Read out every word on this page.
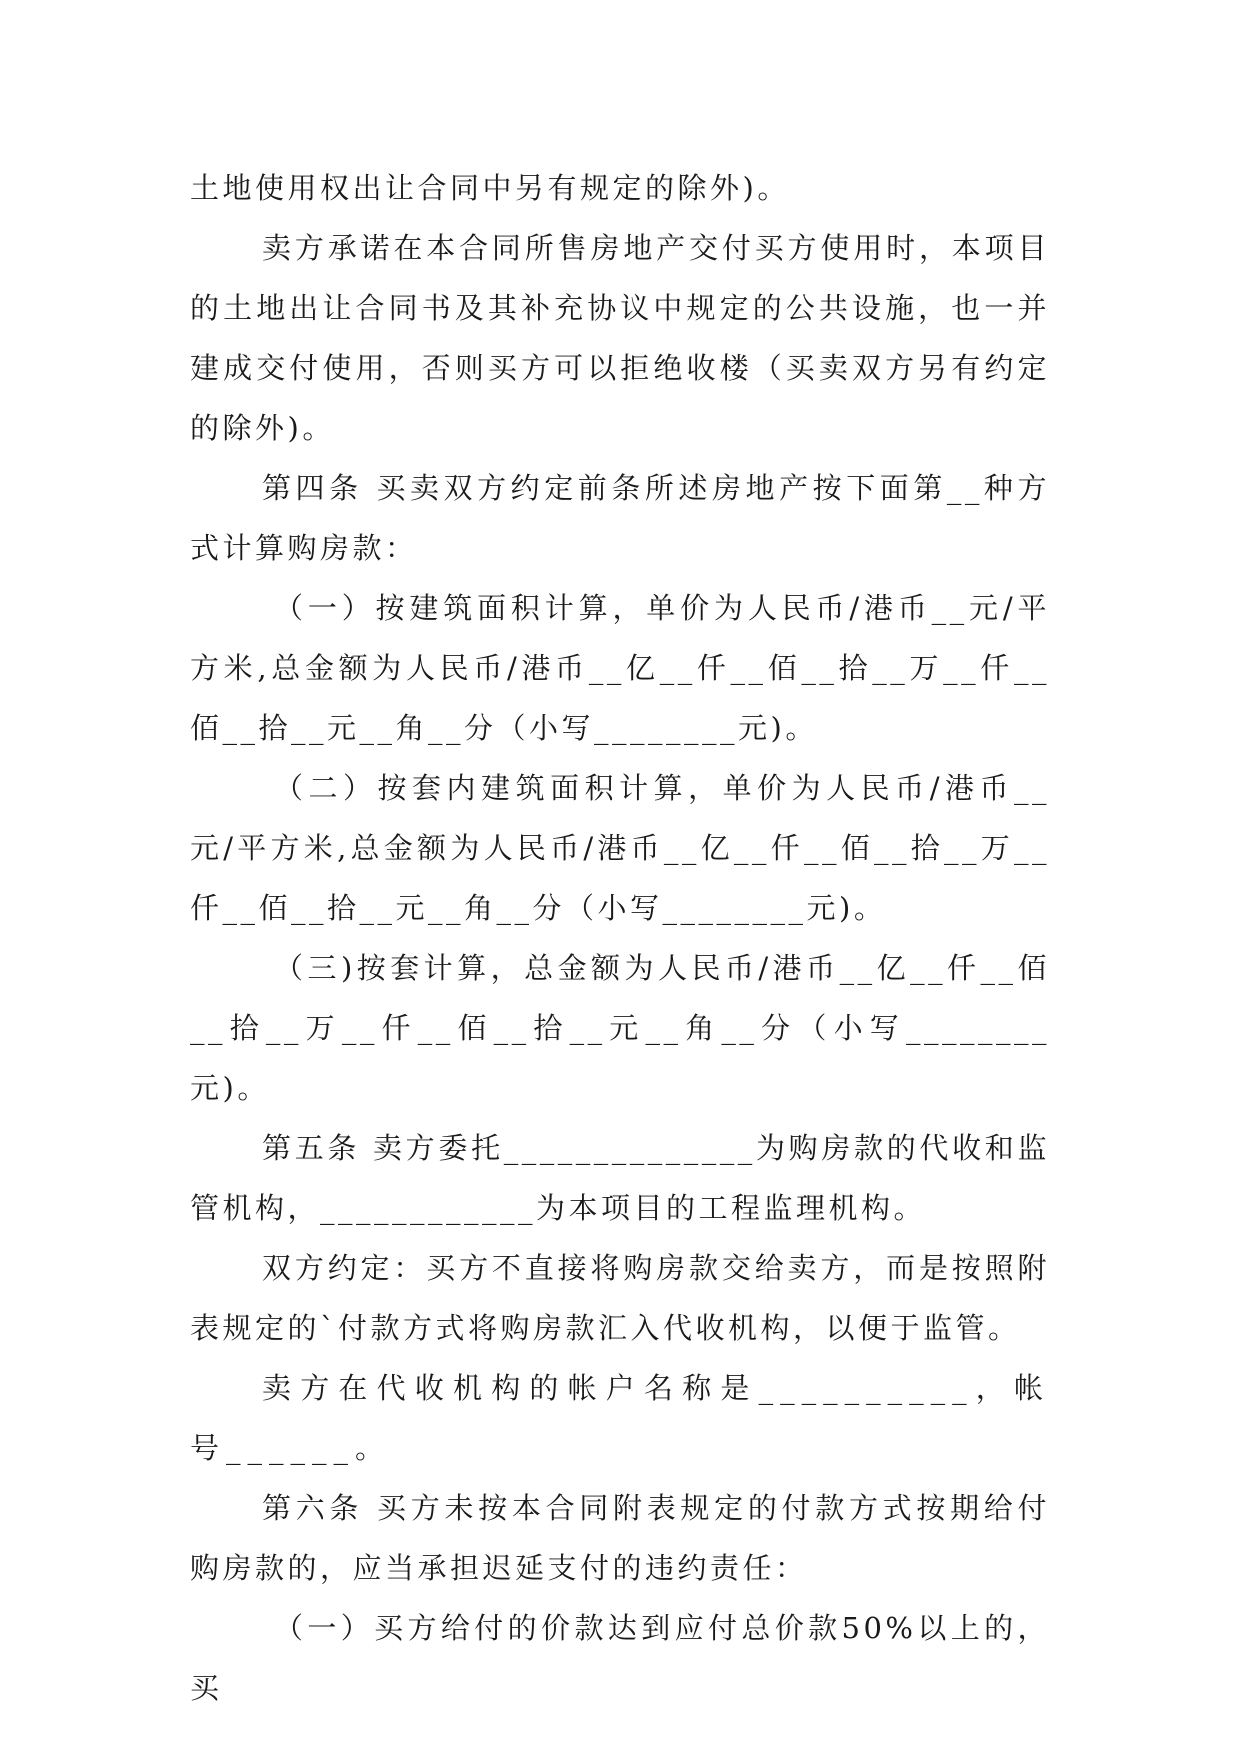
土地使用权出让合同中另有规定的除外)。

卖方承诺在本合同所售房地产交付买方使用时，本项目的土地出让合同书及其补充协议中规定的公共设施，也一并建成交付使用，否则买方可以拒绝收楼（买卖双方另有约定的除外)。

第四条 买卖双方约定前条所述房地产按下面第__种方式计算购房款：

（一）按建筑面积计算，单价为人民币/港币__元/平方米,总金额为人民币/港币__亿__仟__佰__拾__万__仟__佰__拾__元__角__分（小写________元)。

（二）按套内建筑面积计算，单价为人民币/港币__元/平方米,总金额为人民币/港币__亿__仟__佰__拾__万__仟__佰__拾__元__角__分（小写________元)。

（三)按套计算，总金额为人民币/港币__亿__仟__佰__拾__万__仟__佰__拾__元__角__分（小写________元)。

第五条 卖方委托______________为购房款的代收和监管机构，____________为本项目的工程监理机构。

双方约定：买方不直接将购房款交给卖方，而是按照附表规定的`付款方式将购房款汇入代收机构，以便于监管。

卖方在代收机构的帐户名称是__________，帐号______。

第六条 买方未按本合同附表规定的付款方式按期给付购房款的，应当承担迟延支付的违约责任：

（一）买方给付的价款达到应付总价款50%以上的，买
